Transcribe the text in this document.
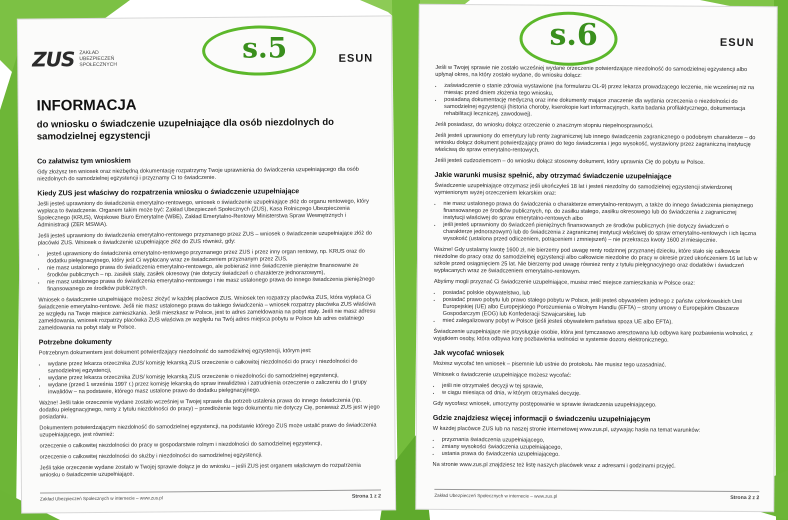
ZUS ZAKŁAD UBEZPIECZEŃ SPOŁECZNYCH
s.5	ESUN
INFORMACJA
do wniosku o świadczenie uzupełniające dla osób niezdolnych do samodzielnej egzystencji
Co załatwisz tym wnioskiem

Gdy złożysz ten wniosek oraz niezbędną dokumentację rozpatrzymy Twoje uprawnienia do świadczenia uzupełniającego dla osób niezdolnych do samodzielnej egzystencji i przyznamy Ci to świadczenie.

Kiedy ZUS jest właściwy do rozpatrzenia wniosku o świadczenie uzupełniające

Jeśli jesteś uprawniony do świadczenia emerytalno-rentowego, wniosek o świadczenie uzupełniające złóż do organu rentowego, który wypłaca to świadczenie. Organem takim może być: Zakład Ubezpieczeń Społecznych (ZUS), Kasa Rolniczego Ubezpieczenia Społecznego (KRUS), Wojskowe Biuro Emerytalne (WBE), Zakład Emerytalno-Rentowy Ministerstwa Spraw Wewnętrznych i Administracji (ZER MSWiA).

Jeśli jesteś uprawniony do świadczenia emerytalno-rentowego przyznanego przez ZUS – wniosek o świadczenie uzupełniające złóż do placówki ZUS. Wniosek o świadczenie uzupełniające złóż do ZUS również, gdy:

• jesteś uprawniony do świadczenia emerytalno-rentowego przyznanego przez ZUS i przez inny organ rentowy, np. KRUS oraz do dodatku pielęgnacyjnego, który jest Ci wypłacany wraz ze świadczeniem przyznanym przez ZUS,
• nie masz ustalonego prawa do świadczenia emerytalno-rentowego, ale pobierasz inne świadczenie pieniężne finansowane ze środków publicznych – np. zasiłek stały, zasiłek okresowy (nie dotyczy świadczeń o charakterze jednorazowym),
• nie masz ustalonego prawa do świadczenia emerytalno-rentowego i nie masz ustalonego prawa do innego świadczenia pieniężnego finansowanego ze środków publicznych.

Wniosek o świadczenie uzupełniające możesz złożyć w każdej placówce ZUS. Wniosek ten rozpatrzy placówka ZUS, która wypłaca Ci świadczenie emerytalno-rentowe. Jeśli nie masz ustalonego prawa do takiego świadczenia – wniosek rozpatrzy placówka ZUS właściwa ze względu na Twoje miejsce zamieszkania. Jeśli mieszkasz w Polsce, jest to adres zameldowania na pobyt stały. Jeśli nie masz adresu zameldowania, wniosek rozpatrzy placówka ZUS właściwa ze względu na Twój adres miejsca pobytu w Polsce lub adres ostatniego zameldowania na pobyt stały w Polsce.

Potrzebne dokumenty

Potrzebnym dokumentem jest dokument potwierdzający niezdolność do samodzielnej egzystencji, którym jest:

• wydane przez lekarza orzecznika ZUS/ komisję lekarską ZUS orzeczenie o całkowitej niezdolności do pracy i niezdolności do samodzielnej egzystencji,
• wydane przez lekarza orzecznika ZUS/ komisję lekarską ZUS orzeczenie o niezdolności do samodzielnej egzystencji,
• wydane (przed 1 września 1997 r.) przez komisję lekarską do spraw inwalidztwa i zatrudnienia orzeczenie o zaliczeniu do I grupy inwalidów – na podstawie, którego masz ustalone prawo do dodatku pielęgnacyjnego.

Ważne! Jeśli takie orzeczenie wydane zostało wcześniej w Twojej sprawie dla potrzeb ustalenia prawa do innego świadczenia (np. dodatku pielęgnacyjnego, renty z tytułu niezdolności do pracy) – przedłożenie tego dokumentu nie dotyczy Cię, ponieważ ZUS jest w jego posiadaniu.

Dokumentem potwierdzającym niezdolność do samodzielnej egzystencji, na podstawie którego ZUS może ustalić prawo do świadczenia uzupełniającego, jest również:

orzeczenie o całkowitej niezdolności do pracy w gospodarstwie rolnym i niezdolności do samodzielnej egzystencji,

orzeczenie o całkowitej niezdolności do służby i niezdolności do samodzielnej egzystencji.

Jeśli takie orzeczenie wydane zostało w Twojej sprawie dołącz je do wniosku – jeśli ZUS jest organem właściwym do rozpatrzenia wniosku o świadczenie uzupełniające.

Zakład Ubezpieczeń Społecznych w internecie – www.zus.pl	Strona 1 z 2
s.6	ESUN

Jeśli w Twojej sprawie nie zostało wcześniej wydane orzeczenie potwierdzające niezdolność do samodzielnej egzystencji albo upłynął okres, na który zostało wydane, do wniosku dołącz:

• zaświadczenie o stanie zdrowia wystawione (na formularzu OL-9) przez lekarza prowadzącego leczenie, nie wcześniej niż na miesiąc przed dniem złożenia tego wniosku,
• posiadaną dokumentację medyczną oraz inne dokumenty mające znaczenie dla wydania orzeczenia o niezdolności do samodzielnej egzystencji (historia choroby, kserokopie kart informacyjnych, karta badania profilaktycznego, dokumentacja rehabilitacji leczniczej, zawodowej).

Jeśli posiadasz, do wniosku dołącz orzeczenie o znacznym stopniu niepełnosprawności.

Jeśli jesteś uprawniony do emerytury lub renty zagranicznej lub innego świadczenia zagranicznego o podobnym charakterze – do wniosku dołącz dokument potwierdzający prawo do tego świadczenia i jego wysokość, wystawiony przez zagraniczną instytucję właściwą do spraw emerytalno-rentowych.

Jeśli jesteś cudzoziemcem – do wniosku dołącz stosowny dokument, który uprawnia Cię do pobytu w Polsce.

Jakie warunki musisz spełnić, aby otrzymać świadczenie uzupełniające

Świadczenie uzupełniające otrzymasz jeśli ukończyłeś 18 lat i jesteś niezdolny do samodzielnej egzystencji stwierdzonej wymienionym wyżej orzeczeniem lekarskim oraz:

• nie masz ustalonego prawa do świadczenia o charakterze emerytalno-rentowym, a także do innego świadczenia pieniężnego finansowanego ze środków publicznych, np. do zasiłku stałego, zasiłku okresowego lub do świadczenia z zagranicznej instytucji właściwej do spraw emerytalno-rentowych albo
• jeśli jesteś uprawniony do świadczeń pieniężnych finansowanych ze środków publicznych (nie dotyczy świadczeń o charakterze jednorazowym) lub do świadczenia z zagranicznej instytucji właściwej do spraw emerytalno-rentowych i ich łączna wysokość (ustalona przed odliczeniem, potrąceniem i zmniejszeń) – nie przekracza kwoty 1600 zł miesięcznie.

Ważne! Gdy ustalamy kwotę 1600 zł, nie bierzemy pod uwagę renty rodzinnej przyznanej dziecku, które stało się całkowicie niezdolne do pracy oraz do samodzielnej egzystencji albo całkowicie niezdolne do pracy w okresie przed ukończeniem 16 lat lub w szkole przed osiągnięciem 25 lat. Nie bierzemy pod uwagę również renty z tytułu pielęgnacyjnego oraz dodatków i świadczeń wypłacanych wraz ze świadczeniem emerytalno-rentowym.

Abyśmy mogli przyznać Ci świadczenie uzupełniające, musisz mieć miejsce zamieszkania w Polsce oraz:

• posiadać polskie obywatelstwo, lub
• posiadać prawo pobytu lub prawo stałego pobytu w Polsce, jeśli jesteś obywatelem jednego z państw członkowskich Unii Europejskiej (UE) albo Europejskiego Porozumienia o Wolnym Handlu (EFTA) – strony umowy o Europejskim Obszarze Gospodarczym (EOG) lub Konfederacji Szwajcarskiej, lub
• mieć zalegalizowany pobyt w Polsce (jeśli jesteś obywatelem państwa spoza UE albo EFTA).

Świadczenie uzupełniające nie przysługuje osobie, która jest tymczasowo aresztowana lub odbywa karę pozbawienia wolności, z wyjątkiem osoby, która odbywa karę pozbawienia wolności w systemie dozoru elektronicznego.

Jak wycofać wniosek

Możesz wycofać ten wniosek – pisemnie lub ustnie do protokołu. Nie musisz tego uzasadniać.

Wniosek o świadczenie uzupełniające możesz wycofać:

• jeśli nie otrzymałeś decyzji w tej sprawie,
• w ciągu miesiąca od dnia, w którym otrzymałeś decyzję.

Gdy wycofasz wniosek, umorzymy postępowanie w sprawie świadczenia uzupełniającego.

Gdzie znajdziesz więcej informacji o świadczeniu uzupełniającym

W każdej placówce ZUS lub na naszej stronie internetowej www.zus.pl, używając hasła na temat warunków:

• przyznania świadczenia uzupełniającego,
• zmiany wysokości świadczenia uzupełniającego,
• ustania prawa do świadczenia uzupełniającego.

Na stronie www.zus.pl znajdziesz też listę naszych placówek wraz z adresami i godzinami przyjęć.

Zakład Ubezpieczeń Społecznych w internecie – www.zus.pl	Strona 2 z 2
